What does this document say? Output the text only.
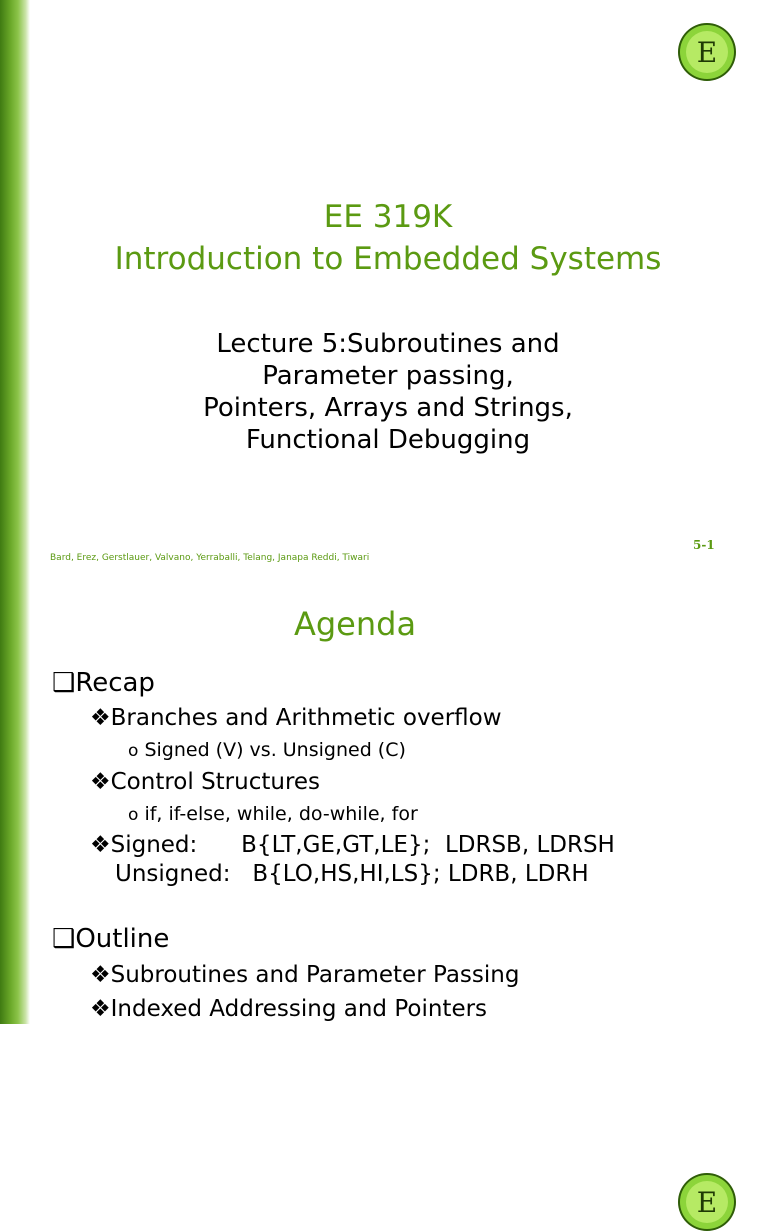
E
EE 319K
Introduction to Embedded Systems
Lecture 5:Subroutines and
Parameter passing,
Pointers, Arrays and Strings,
Functional Debugging
Bard, Erez, Gerstlauer, Valvano, Yerraballi, Telang, Janapa Reddi, Tiwari
5-1
E
Agenda
❑Recap
❖Branches and Arithmetic overflow
o Signed (V) vs. Unsigned (C)
❖Control Structures
o if, if-else, while, do-while, for
❖Signed:      B{LT,GE,GT,LE};  LDRSB, LDRSH
Unsigned:   B{LO,HS,HI,LS}; LDRB, LDRH
❑Outline
❖Subroutines and Parameter Passing
❖Indexed Addressing and Pointers
